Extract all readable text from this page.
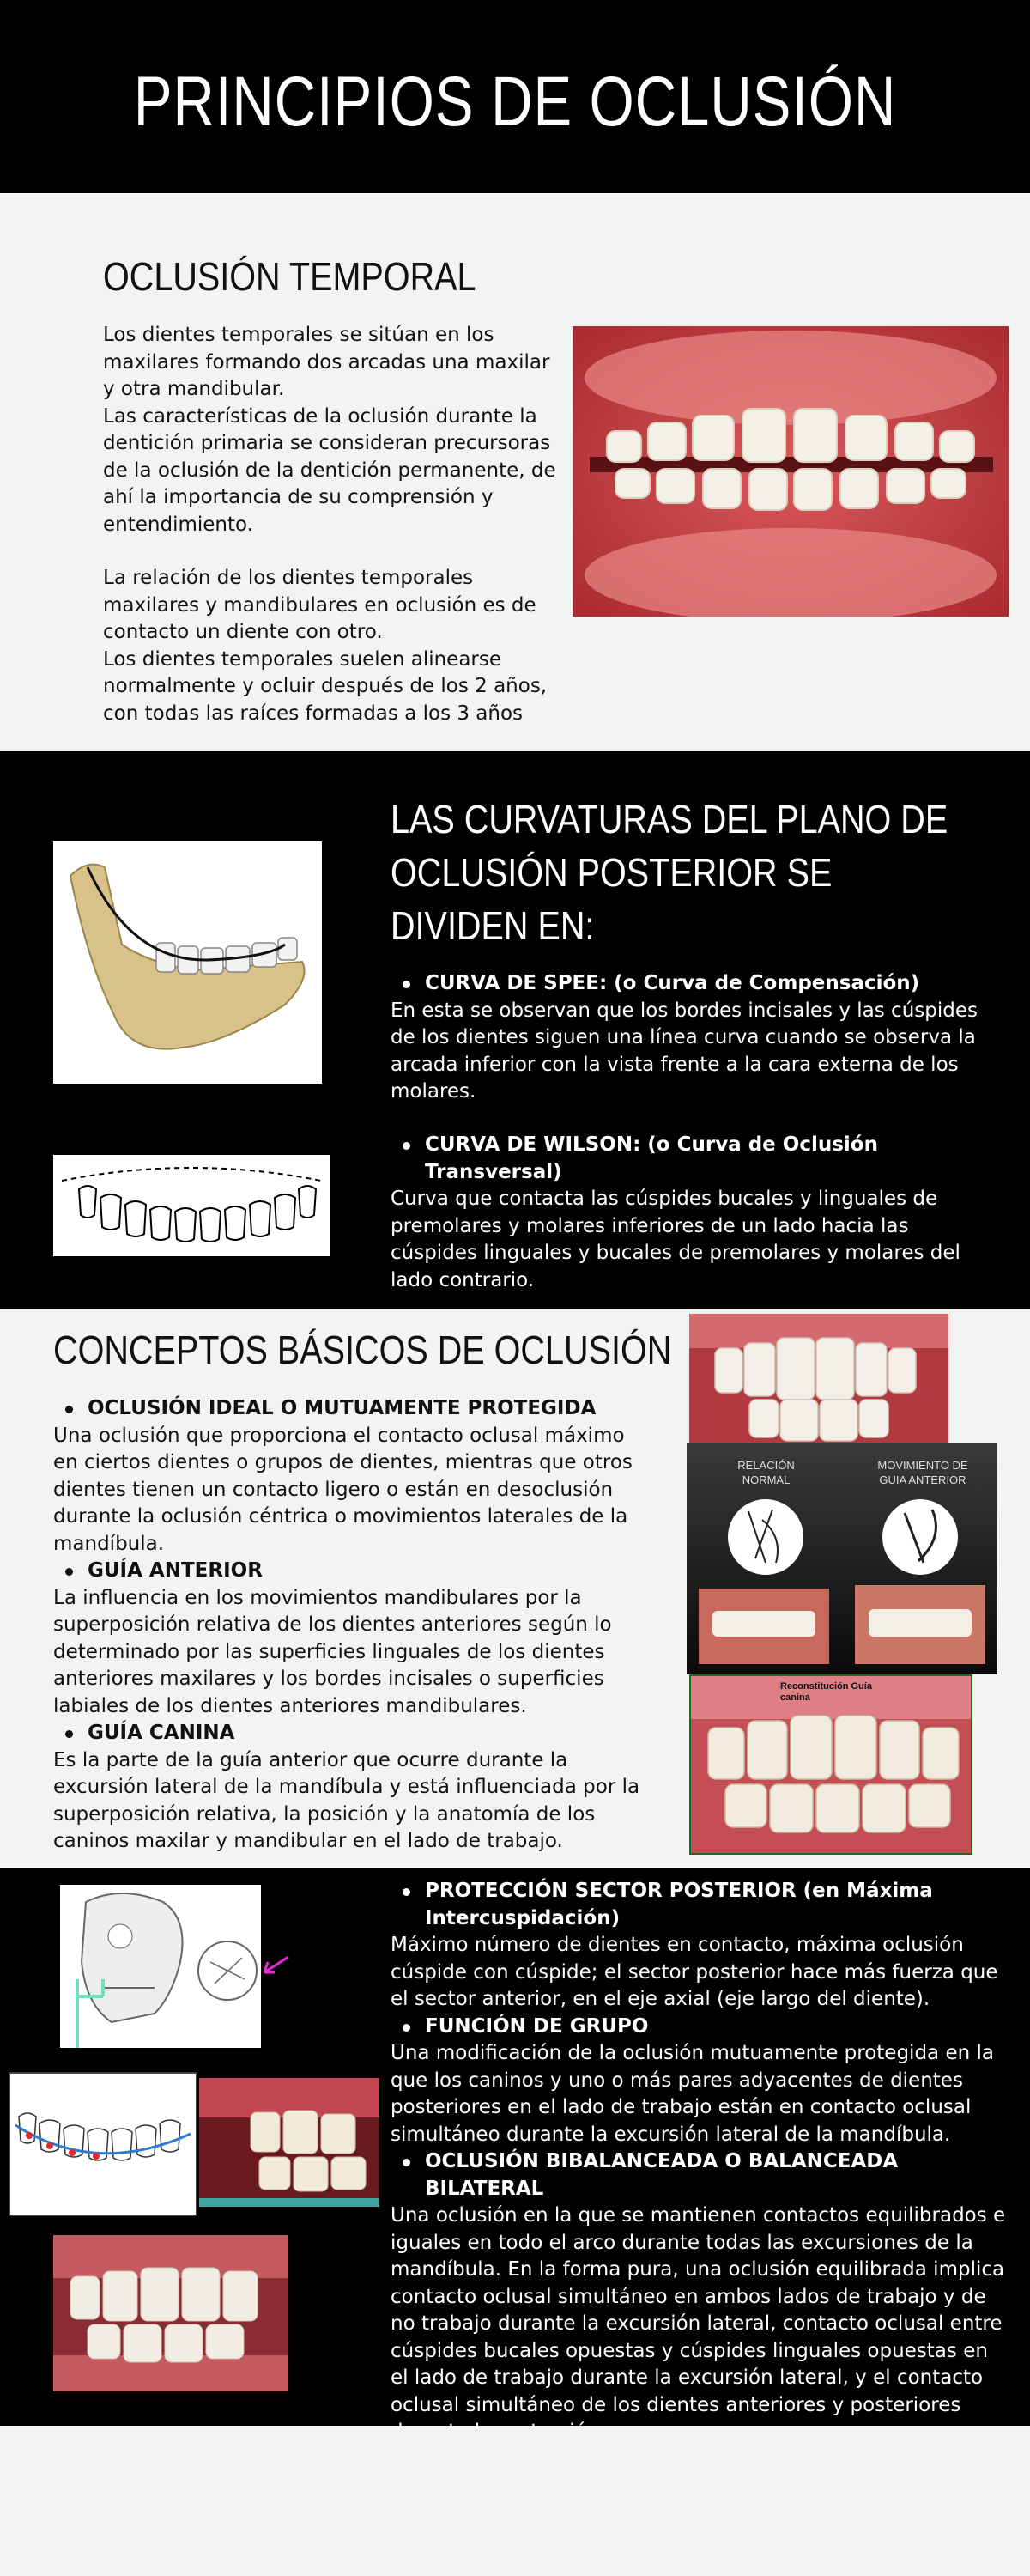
PRINCIPIOS DE OCLUSIÓN
OCLUSIÓN TEMPORAL

Los dientes temporales se sitúan en los maxilares formando dos arcadas una maxilar y otra mandibular.

Las características de la oclusión durante la dentición primaria se consideran precursoras de la oclusión de la dentición permanente, de ahí la importancia de su comprensión y entendimiento.

La relación de los dientes temporales maxilares y mandibulares en oclusión es de contacto un diente con otro.

Los dientes temporales suelen alinearse normalmente y ocluir después de los 2 años, con todas las raíces formadas a los 3 años

LAS CURVATURAS DEL PLANO DE OCLUSIÓN POSTERIOR SE DIVIDEN EN:
CURVA DE SPEE: (o Curva de Compensación)
En esta se observan que los bordes incisales y las cúspides de los dientes siguen una línea curva cuando se observa la arcada inferior con la vista frente a la cara externa de los molares.
CURVA DE WILSON: (o Curva de Oclusión Transversal)
Curva que contacta las cúspides bucales y linguales de premolares y molares inferiores de un lado hacia las cúspides linguales y bucales de premolares y molares del lado contrario.
CONCEPTOS BÁSICOS DE OCLUSIÓN
OCLUSIÓN IDEAL O MUTUAMENTE PROTEGIDA
Una oclusión que proporciona el contacto oclusal máximo en ciertos dientes o grupos de dientes, mientras que otros dientes tienen un contacto ligero o están en desoclusión durante la oclusión céntrica o movimientos laterales de la mandíbula.
GUÍA ANTERIOR
La influencia en los movimientos mandibulares por la superposición relativa de los dientes anteriores según lo determinado por las superficies linguales de los dientes anteriores maxilares y los bordes incisales o superficies labiales de los dientes anteriores mandibulares.
GUÍA CANINA
Es la parte de la guía anterior que ocurre durante la excursión lateral de la mandíbula y está influenciada por la superposición relativa, la posición y la anatomía de los caninos maxilar y mandibular en el lado de trabajo.
RELACIÓN NORMAL
MOVIMIENTO DE GUIA ANTERIOR
Reconstitución Guía canina
PROTECCIÓN SECTOR POSTERIOR (en Máxima Intercuspidación)
Máximo número de dientes en contacto, máxima oclusión cúspide con cúspide; el sector posterior hace más fuerza que el sector anterior, en el eje axial (eje largo del diente).
FUNCIÓN DE GRUPO
Una modificación de la oclusión mutuamente protegida en la que los caninos y uno o más pares adyacentes de dientes posteriores en el lado de trabajo están en contacto oclusal simultáneo durante la excursión lateral de la mandíbula.
OCLUSIÓN BIBALANCEADA O BALANCEADA BILATERAL
Una oclusión en la que se mantienen contactos equilibrados e iguales en todo el arco durante todas las excursiones de la mandíbula. En la forma pura, una oclusión equilibrada implica contacto oclusal simultáneo en ambos lados de trabajo y de no trabajo durante la excursión lateral, contacto oclusal entre cúspides bucales opuestas y cúspides linguales opuestas en el lado de trabajo durante la excursión lateral, y el contacto oclusal simultáneo de los dientes anteriores y posteriores
